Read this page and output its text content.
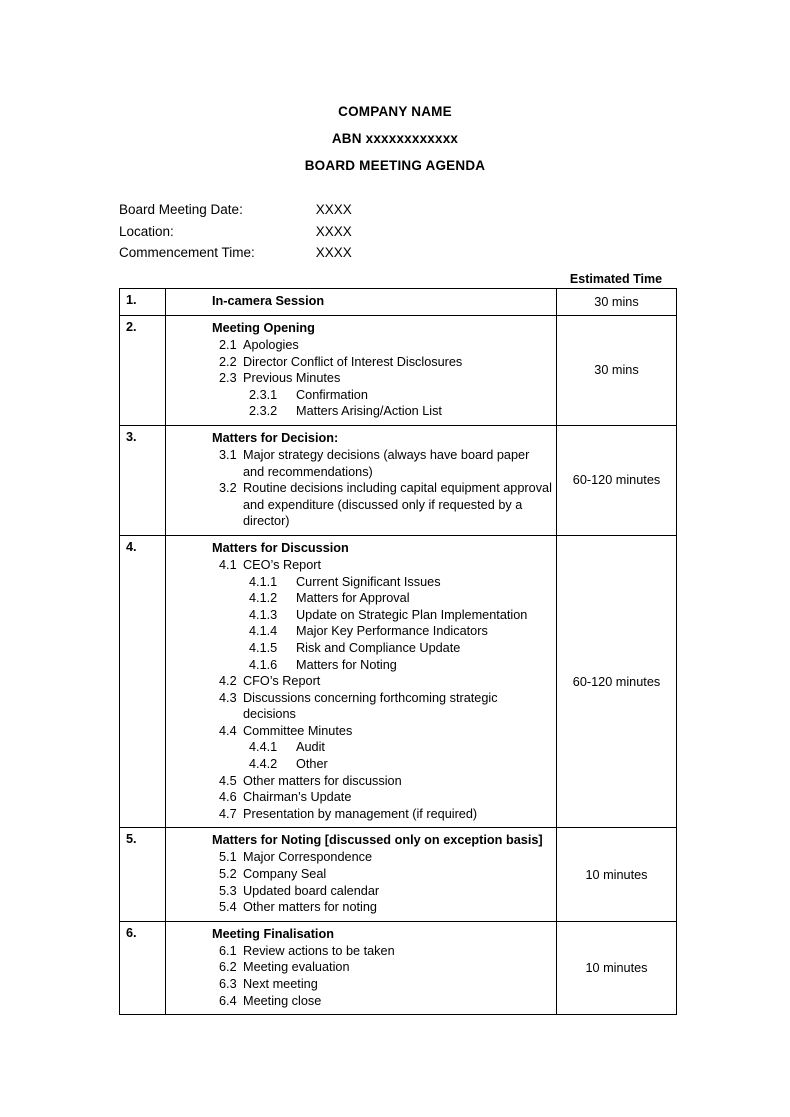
COMPANY NAME
ABN xxxxxxxxxxxx
BOARD MEETING AGENDA
Board Meeting Date:	XXXX
Location:	XXXX
Commencement Time:	XXXX
Estimated Time
1.	In-camera Session	30 mins
2.	Meeting Opening
2.1 Apologies
2.2 Director Conflict of Interest Disclosures
2.3 Previous Minutes
2.3.1 Confirmation
2.3.2 Matters Arising/Action List
	30 mins
3.	Matters for Decision:
3.1 Major strategy decisions (always have board paper and recommendations)
3.2 Routine decisions including capital equipment approval and expenditure (discussed only if requested by a director)	60-120 minutes
4.	Matters for Discussion
4.1 CEO’s Report
4.1.1 Current Significant Issues
4.1.2 Matters for Approval
4.1.3 Update on Strategic Plan Implementation
4.1.4 Major Key Performance Indicators
4.1.5 Risk and Compliance Update
4.1.6 Matters for Noting
4.2 CFO’s Report
4.3 Discussions concerning forthcoming strategic decisions
4.4 Committee Minutes
4.4.1 Audit
4.4.2 Other
4.5 Other matters for discussion
4.6 Chairman’s Update
4.7 Presentation by management (if required)
	60-120 minutes
5.	Matters for Noting [discussed only on exception basis]
5.1 Major Correspondence
5.2 Company Seal
5.3 Updated board calendar
5.4 Other matters for noting
	10 minutes
6.	Meeting Finalisation
6.1 Review actions to be taken
6.2 Meeting evaluation
6.3 Next meeting
6.4 Meeting close
	10 minutes
